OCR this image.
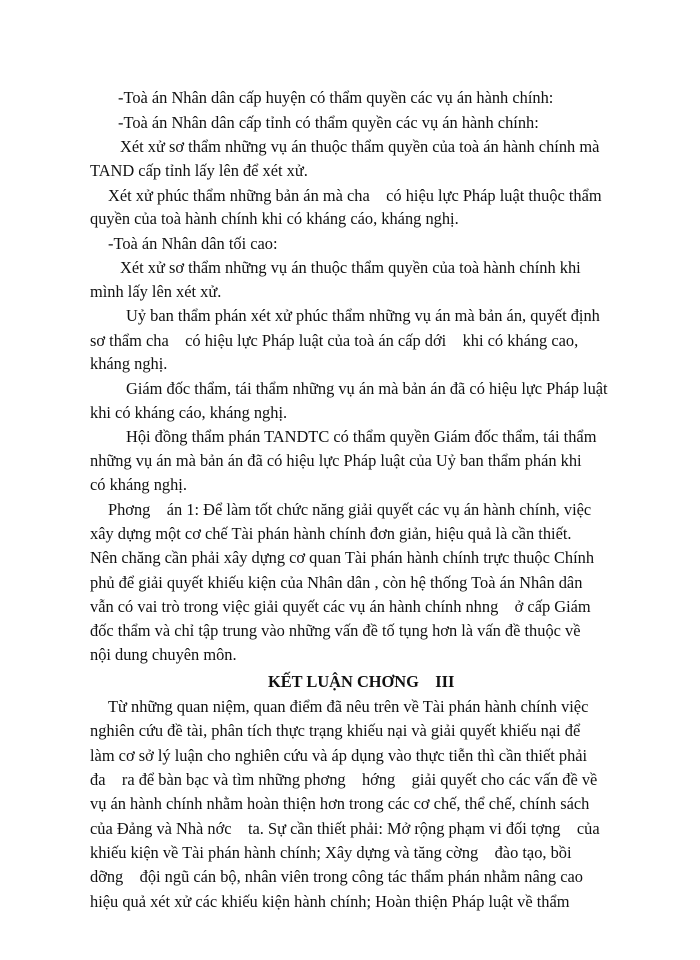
-Toà án Nhân dân cấp huyện có thẩm quyền các vụ án hành chính:
-Toà án Nhân dân cấp tỉnh có thẩm quyền các vụ án hành chính:
Xét xử sơ thẩm những vụ án thuộc thẩm quyền của toà án hành chính mà
TAND cấp tỉnh lấy lên để xét xử.
Xét xử phúc thẩm những bản án mà cha    có hiệu lực Pháp luật thuộc thẩm
quyền của toà hành chính khi có kháng cáo, kháng nghị.
-Toà án Nhân dân tối cao:
Xét xử sơ thẩm những vụ án thuộc thẩm quyền của toà hành chính khi
mình lấy lên xét xử.
Uỷ ban thẩm phán xét xử phúc thẩm những vụ án mà bản án, quyết định
sơ thẩm cha    có hiệu lực Pháp luật của toà án cấp dới    khi có kháng cao,
kháng nghị.
Giám đốc thẩm, tái thẩm những vụ án mà bản án đã có hiệu lực Pháp luật
khi có kháng cáo, kháng nghị.
Hội đồng thẩm phán TANDTC có thẩm quyền Giám đốc thẩm, tái thẩm
những vụ án mà bản án đã có hiệu lực Pháp luật của Uỷ ban thẩm phán khi
có kháng nghị.
Phơng    án 1: Để làm tốt chức năng giải quyết các vụ án hành chính, việc
xây dựng một cơ chế Tài phán hành chính đơn giản, hiệu quả là cần thiết.
Nên chăng cần phải xây dựng cơ quan Tài phán hành chính trực thuộc Chính
phủ để giải quyết khiếu kiện của Nhân dân , còn hệ thống Toà án Nhân dân
vẫn có vai trò trong việc giải quyết các vụ án hành chính nhng    ở cấp Giám
đốc thẩm và chỉ tập trung vào những vấn đề tố tụng hơn là vấn đề thuộc về
nội dung chuyên môn.
KẾT LUẬN CHƠNG    III
Từ những quan niệm, quan điểm đã nêu trên về Tài phán hành chính việc
nghiên cứu đề tài, phân tích thực trạng khiếu nại và giải quyết khiếu nại để
làm cơ sở lý luận cho nghiên cứu và áp dụng vào thực tiễn thì cần thiết phải
đa    ra để bàn bạc và tìm những phơng    hớng    giải quyết cho các vấn đề về
vụ án hành chính nhằm hoàn thiện hơn trong các cơ chế, thể chế, chính sách
của Đảng và Nhà nớc    ta. Sự cần thiết phải: Mở rộng phạm vi đối tợng    của
khiếu kiện về Tài phán hành chính; Xây dựng và tăng cờng    đào tạo, bồi
dỡng    đội ngũ cán bộ, nhân viên trong công tác thẩm phán nhằm nâng cao
hiệu quả xét xử các khiếu kiện hành chính; Hoàn thiện Pháp luật về thẩm
